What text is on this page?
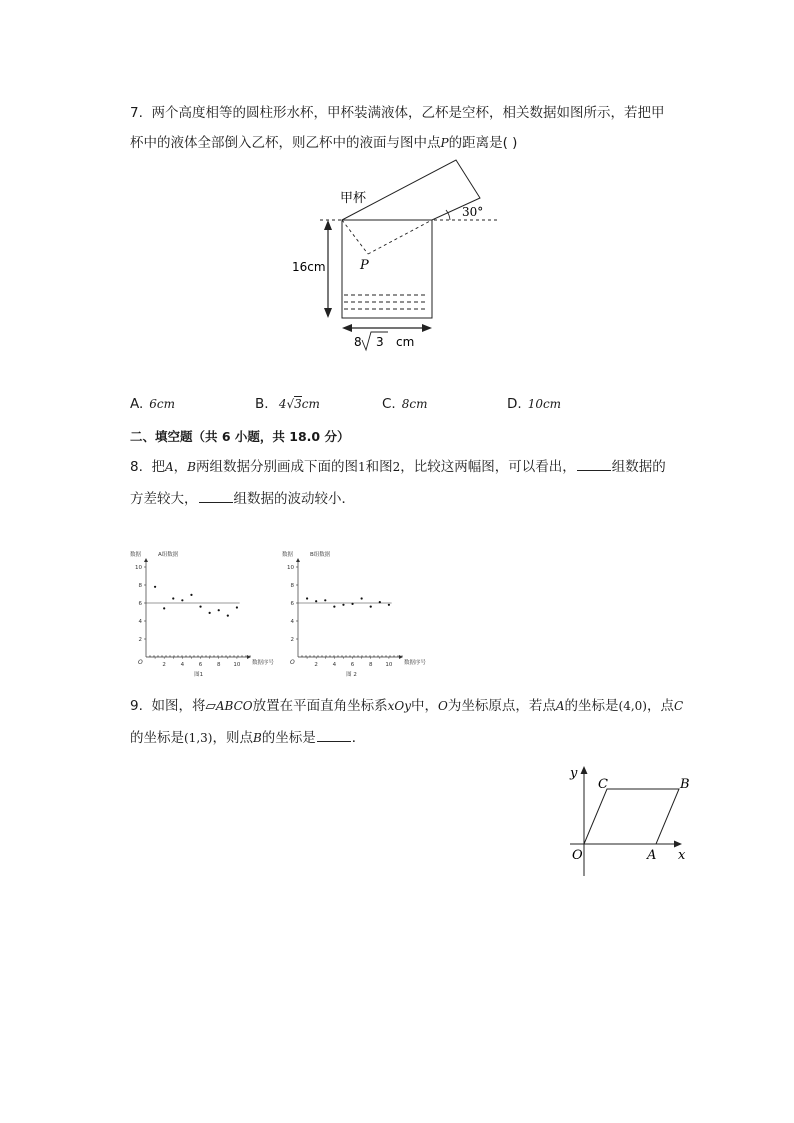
7. 两个高度相等的圆柱形水杯，甲杯装满液体，乙杯是空杯，相关数据如图所示，若把甲
杯中的液体全部倒入乙杯，则乙杯中的液面与图中点P的距离是( )
甲杯
30°
P
16cm
8 3 cm
A. 6cm	B. 4√3cm	C. 8cm	D. 10cm
二、填空题（共 6 小题，共 18.0 分）
8. 把A，B两组数据分别画成下面的图1和图2，比较这两幅图，可以看出，	组数据的
方差较大，	组数据的波动较小．
数据	A组数据
数据序号
O
图1
2
4
6
8
10
2	4	6	8 10
数据	B组数据
数据序号
O
图 2
2
4
6
8
10
2	4	6	8 10
9. 如图，将▱ABCO放置在平面直角坐标系xOy中，O为坐标原点，若点A的坐标是(4,0)，点C
的坐标是(1,3)，则点B的坐标是	．
y
x
O	A
B
C
